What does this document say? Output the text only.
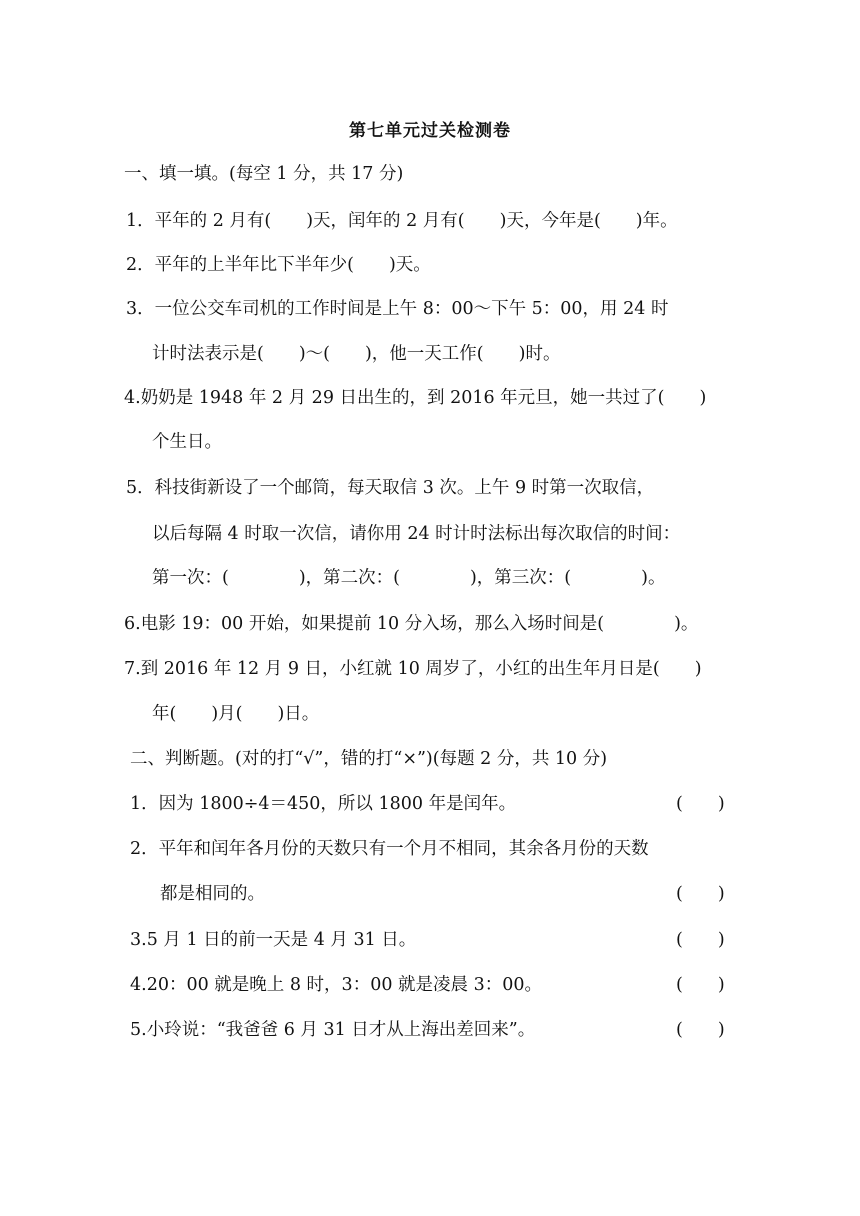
第七单元过关检测卷
一、填一填。(每空 1 分，共 17 分)
1．平年的 2 月有(　　)天，闰年的 2 月有(　　)天，今年是(　　)年。
2．平年的上半年比下半年少(　　)天。
3．一位公交车司机的工作时间是上午 8：00～下午 5：00，用 24 时
计时法表示是(　　)～(　　)，他一天工作(　　)时。
4.奶奶是 1948 年 2 月 29 日出生的，到 2016 年元旦，她一共过了(　　)
个生日。
5．科技街新设了一个邮筒，每天取信 3 次。上午 9 时第一次取信，
以后每隔 4 时取一次信，请你用 24 时计时法标出每次取信的时间：
第一次：(　　　　)，第二次：(　　　　)，第三次：(　　　　)。
6.电影 19：00 开始，如果提前 10 分入场，那么入场时间是(　　　　)。
7.到 2016 年 12 月 9 日，小红就 10 周岁了，小红的出生年月日是(　　)
年(　　)月(　　)日。
二、判断题。(对的打“√”，错的打“×”)(每题 2 分，共 10 分)
1．因为 1800÷4＝450，所以 1800 年是闰年。	(　　)
2．平年和闰年各月份的天数只有一个月不相同，其余各月份的天数
都是相同的。	(　　)
3.5 月 1 日的前一天是 4 月 31 日。	(　　)
4.20：00 就是晚上 8 时，3：00 就是凌晨 3：00。	(　　)
5.小玲说：“我爸爸 6 月 31 日才从上海出差回来”。	(　　)
